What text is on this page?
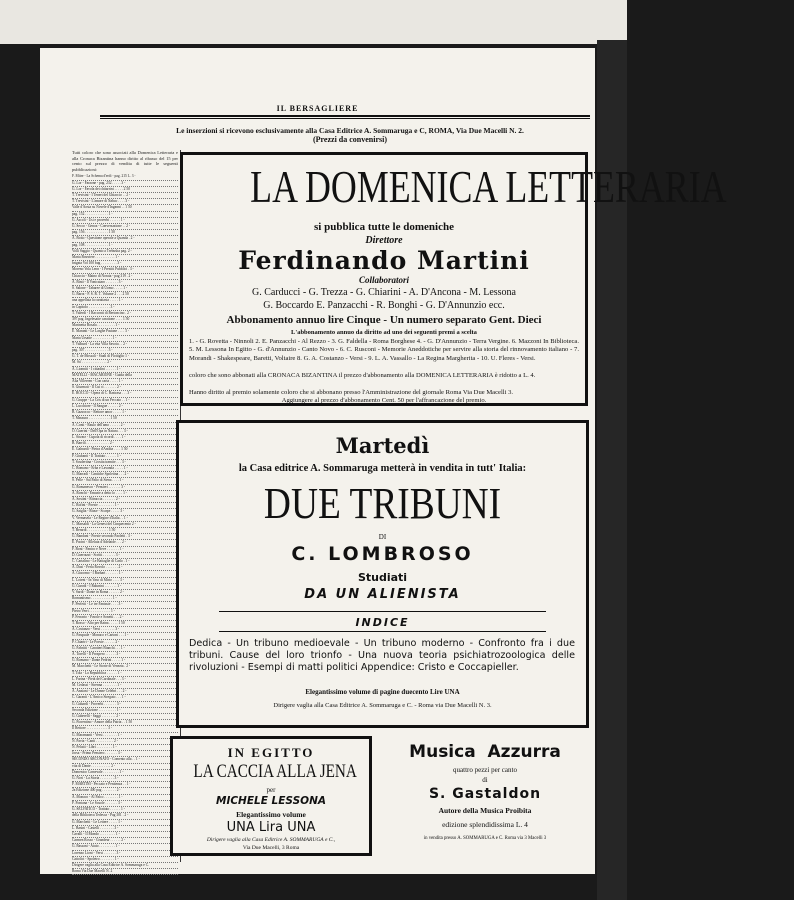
IL BERSAGLIERE
Le inserzioni si ricevono esclusivamente alla Casa Editrice A. Sommaruga e C, ROMA, Via Due Macelli N. 2.
(Prezzi da convenirsi)
Tutti coloro che sono associati alla Domenica Letteraria e alla Cronaca Bizantina hanno diritto al ribasso del 15 per cento sul prezzo di vendita di tutte le seguenti pubblicazioni:
F. Mitre - La Schema d'erdi - pag. 215 L. 3 -
G. Lor - Faraone - pag. 232 . . . . . 3 -
G. Lor - Favola dei chitarrini . . . . . 2 50
T. Trevisini - I Teneri del Ghiaccio . . 2 -
T. Trevisini - L'amore di Nabuc . . . . 3 -
Valle d'Aosta su Novele d'Inganni . . 1 50
pag. 152 . . . . . . . . . . . . . 1 -
G. Ascoli - Usi e proverbi . . . . . . 1 -
G. Secco - Genoa - Conversazione . . 2 -
pag. 156 . . . . . . . . . . . . . 1 50
A. Boito - Questione operale a Quanda . 2 -
pag. 108 . . . . . . . . . . . . . 1 -
Volli Saggio - Quanto a Trebusba pag. 2 -
Maria Bouviere . . . . . . . . . . . 1 -
brigata Vol 100 bug . . . . . . . . . 3 -
Moreno Vola Leon - I Prestiti Pubblici . 3 -
Chiaccia - Maino di Noraia - pag 319 . 2 -
A. Binti - Il Vonicaiaro . . . . . . . 3 -
S. Salone - Tabaree di Uomo . . . . . 1 -
G. Barra - P. S. R. T. Volume 2 . . . 2 50
una appellata la carattasta . . . . . 1 -
in Capitolo . . . . . . . . . . . . 3 -
T. Valerdi - I Racconti di Bertoncino . 2 -
397 pag. Ingelesatte carattone . . . . 1 50
Marinetta Bosala . . . . . . . . . . 1 -
E. Maranti - Le Larghe Pastane . . . . 3 -
Maria Ursatte . . . . . . . . . . . 1 -
T. Valburd - La vita Villa Savoia . . 2 -
pag. 307 . . . . . . . . . . . . . 3 -
G. T. de Mossali - Studi di Flottiglio 1 -
M. Sa' . . . . . . . . . . . . . . 2 -
A. Lionniti - I cittadini . . . . . . 1 -
MATELLI - MACARIONE - Guida della
Alta Villeeren - Con carta . . . . . 1 -
S. Giurmati - Il Cui ci . . . . . . . 2 -
E. ROCCO - Opera di C. Bastrasa . . . 3 -
G. Gruppe - La Cris di un Peccato . . 1 -
L. Lucchiore - Il Sangue . . . . . . 2 -
B. Gazzocco - Rettore amor . . . . . 1 -
T. Massura . . . . . . . . . . . . 1 50
A. Conti - Raulo dell'amo . . . . . . 2 -
O. Guerini - Dell'Opa in Natura . . . 3 -
L. Siwarz - Cupola di ricordi . . . . 1 -
B. Barrili . . . . . . . . . . . . . 2 -
E. Galnardi - Pietra d'Antiba . . . . 1 50
F. Giubanti - Il Trattato . . . . . . 1 -
T. Scudertina - Crosita tramite . . . 3 -
C. Romano - Erba e Lavanda . . . . . 1 -
G. Marradi - Cantiche Spoletina . . . 2 -
S. Pelle - Sal Palio di Siena . . . . 1 -
G. Romanesco - Pensieri . . . . . . . 3 -
A. Ronchi - Emozie a detto lo . . . . 1 -
A. Sostini - Ritraccia . . . . . . . 2 -
C. Rofini - Poesie . . . . . . . . . 1 -
G. Saiglia - Riuse - Scarpe . . . . . 3 -
V. Vermasela - Le Regine d'Italia . . 1 -
C. Marsaldi - La Genesi del Cinquecento 2 -
T. Berardi . . . . . . . . . . . . 1 50
G. Bandani - Poesie secondo Paoletti . 3 -
E. Pacini - Alleluia d'Adelaide . . . 2 -
F. Boni - Panico e Neve . . . . . . . 1 -
D. Guerrazzi - Scritti . . . . . . . 3 -
C. Cartalino - Le Battaglie di Carlo . 1 -
A. Dusi - Ferla Rovolo . . . . . . . 2 -
A. Giacomo - I Barbari . . . . . . . 1 -
L. Loteni - In Vaso di Mirto . . . . 3 -
G. Garodi - I Rabarini . . . . . . . 1 -
V. Sardi - Dante in Roma . . . . . . 2 -
Romantismo . . . . . . . . . . . . 1 -
F. Perfetti - Le tre Fantasie . . . . 3 -
Pietro Verri . . . . . . . . . . . . 1 -
P. Ferrario - Favole e Sonetti . . . 2 -
T. Rosso - Alto per Raina . . . . . 1 50
A. Costanzo - Versi . . . . . . . . 3 -
G. Pasquale - Monaco e Cartoni . . . 1 -
P. Chiariri - Le Poesie . . . . . . 2 -
G. Fabritti - Caratteri Bianchi . . . 1 -
A. Torelli - Il Prospero . . . . . . 3 -
G. Romano - Dante Pedrini . . . . . 1 -
M. Macchetti - Le Storie di Venezia . 2 -
T. Tola - La Repubblica . . . . . . 1 -
L. Farina - Pietà del Cardinale . . . 3 -
M. Cedassi - Strenna . . . . . . . . 1 -
A. Anziani - Le Donne Celebri . . . 2 -
C. Garanti - L'Amico Stregato . . . 1 -
G. Gabardi - Proverbi . . . . . . . 3 -
Seconda Edizione . . . . . . . . . . 1 -
G. Gaberelli - Saggi . . . . . . . . 2 -
G. Fiorentino - Amore della Patria . . 1 50
Il Rettore . . . . . . . . . . . . 3 -
G. Maramanti - Versi . . . . . . . . 1 -
N. Pavia - Canti . . . . . . . . . . 2 -
N. Pelatti - Libri . . . . . . . . . 1 -
Jorsa - Primo Pensiero . . . . . . . 3 -
SECONDO ARCONATO - Comento alla . . 1 -
vita di Dante . . . . . . . . . . . 2 -
Domenico Carnevale . . . . . . . . . 1 -
G. Nori - La Storia . . . . . . . . 3 -
F. MARTINI - Peccato e Penitenza . . 1 -
2a Edizione 400 pag . . . . . . . . 2 -
A. Monaco - Al Palco . . . . . . . . 1 -
F. Fontana - Le Scuole . . . . . . . 3 -
G. SELVATICO - Trattato . . . . . . 1 -
della Biblioteca Tedesca - Pag 301 . 2 -
G. Marchetti - Le Lettere . . . . . 1 -
L. Basini - Castelli . . . . . . . . 3 -
Cavalli - Il Mondo . . . . . . . . . 1 -
Carmen Rosso - Grandeur . . . . . . 2 -
G. Bassani - Aiuto . . . . . . . . . 1 -
Lorenzo Lioni - Versi . . . . . . . 3 -
Cattolici - Spoletro . . . . . . . . 1 -
Dirigere vaglia alla Casa Editrice A. Sommaruga e C.
Roma Via Due Macelli N. 2
LA DOMENICA LETTERARIA
si pubblica tutte le domeniche
Direttore
Ferdinando Martini
Collaboratori
G. Carducci - G. Trezza - G. Chiarini - A. D'Ancona - M. Lessona
G. Boccardo E. Panzacchi - R. Bonghi - G. D'Annunzio ecc.
Abbonamento annuo lire Cinque - Un numero separato Gent. Dieci
L'abbonamento annuo da diritto ad uno dei seguenti premi a scelta
1. - G. Rovetta - Ninnoli 2. E. Panzacchi - Al Rezzo - 3. G. Faldella - Roma Borghese 4. - G. D'Annunzio - Terra Vergine. 6. Mazzoni In Biblioteca. 5. M. Lessona In Egitto - G. d'Annunzio - Canto Novo - 6. C. Rusconi - Memorie Aneddotiche per servire alla storia del rinnovamento italiano - 7. Morandi - Shakespeare, Baretti, Voltaire 8. G. A. Costanzo - Versi - 9. L. A. Vassallo - La Regina Margherita - 10. U. Fleres - Versi.
coloro che sono abbonati alla CRONACA BIZANTINA il prezzo d'abbonamento alla DOMENICA LETTERARIA è ridotto a L. 4.
Hanno diritto al premio solamente coloro che si abbonano presso l'Amministrazione del giornale Roma Via Due Macelli 3.
Aggiungere al prezzo d'abbonamento Cent. 50 per l'affrancazione del premio.
Martedì
la Casa editrice A. Sommaruga metterà in vendita in tutt' Italia:
DUE TRIBUNI
DI
C. LOMBROSO
Studiati
DA UN ALIENISTA
INDICE
Dedica - Un tribuno medioevale - Un tribuno moderno - Confronto fra i due tribuni. Cause del loro trionfo - Una nuova teoria psichiatrozoologica delle rivoluzioni - Esempi di matti politici Appendice: Cristo e Coccapieller.
Elegantissimo volume di pagine duecento Lire UNA
Dirigere vaglia alla Casa Editrice A. Sommaruga e C. - Roma via Due Macelli N. 3.
IN EGITTO
LA CACCIA ALLA JENA
per
MICHELE LESSONA
Elegantissimo volume
UNA Lira UNA
Dirigere vaglia alla Casa Editrice A. SOMMARUGA e C.,
Via Due Macelli, 3 Roma
Musica  Azzurra
quattro pezzi per canto
di
S. Gastaldon
Autore della Musica Proibita
edizione splendidissima L. 4
in vendita presso A. SOMMARUGA e C. Roma via 3 Macelli 3
